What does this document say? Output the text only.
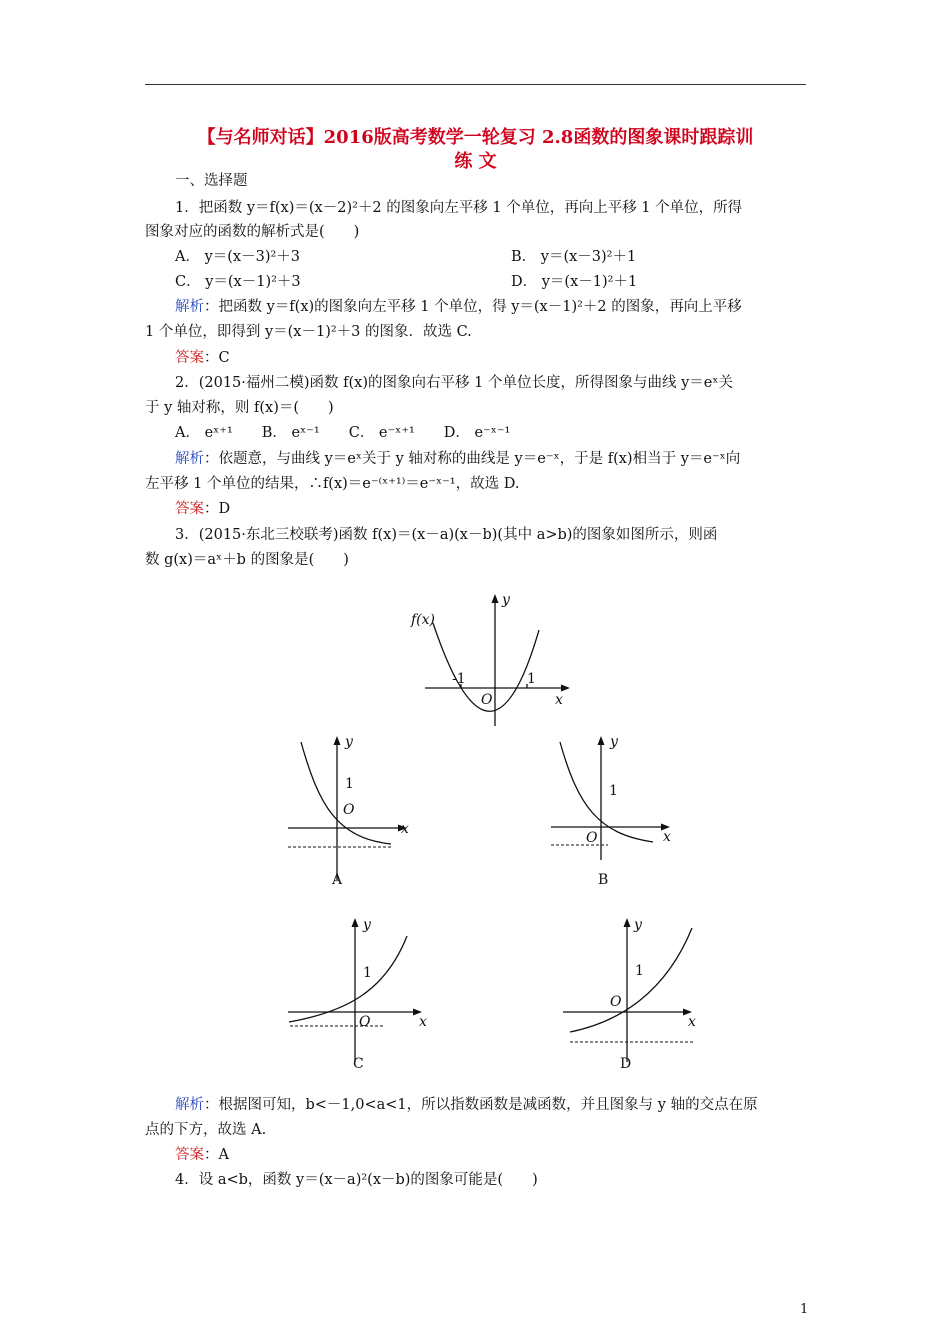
【与名师对话】2016版高考数学一轮复习 2.8函数的图象课时跟踪训
练 文
一、选择题
1．把函数 y＝f(x)＝(x－2)²＋2 的图象向左平移 1 个单位，再向上平移 1 个单位，所得
图象对应的函数的解析式是(　　)
A． y＝(x－3)²＋3	B． y＝(x－3)²＋1
C． y＝(x－1)²＋3	D． y＝(x－1)²＋1
解析：把函数 y＝f(x)的图象向左平移 1 个单位，得 y＝(x－1)²＋2 的图象，再向上平移
1 个单位，即得到 y＝(x－1)²＋3 的图象．故选 C.
答案：C
2．(2015·福州二模)函数 f(x)的图象向右平移 1 个单位长度，所得图象与曲线 y＝eˣ关
于 y 轴对称，则 f(x)＝(　　)
A． eˣ⁺¹　　B． eˣ⁻¹　　C． e⁻ˣ⁺¹　　D． e⁻ˣ⁻¹
解析：依题意，与曲线 y＝eˣ关于 y 轴对称的曲线是 y＝e⁻ˣ，于是 f(x)相当于 y＝e⁻ˣ向
左平移 1 个单位的结果，∴f(x)＝e⁻⁽ˣ⁺¹⁾＝e⁻ˣ⁻¹，故选 D.
答案：D
3．(2015·东北三校联考)函数 f(x)＝(x－a)(x－b)(其中 a>b)的图象如图所示，则函
数 g(x)＝aˣ＋b 的图象是(　　)
f(x)
y
x
O
-1	1
y
x
O
1
A
y
x
O
1
B
y
x
O
1
C
y
x
O
1
D
解析：根据图可知，b<－1,0<a<1，所以指数函数是减函数，并且图象与 y 轴的交点在原
点的下方，故选 A.
答案：A
4．设 a<b，函数 y＝(x－a)²(x－b)的图象可能是(　　)
1
